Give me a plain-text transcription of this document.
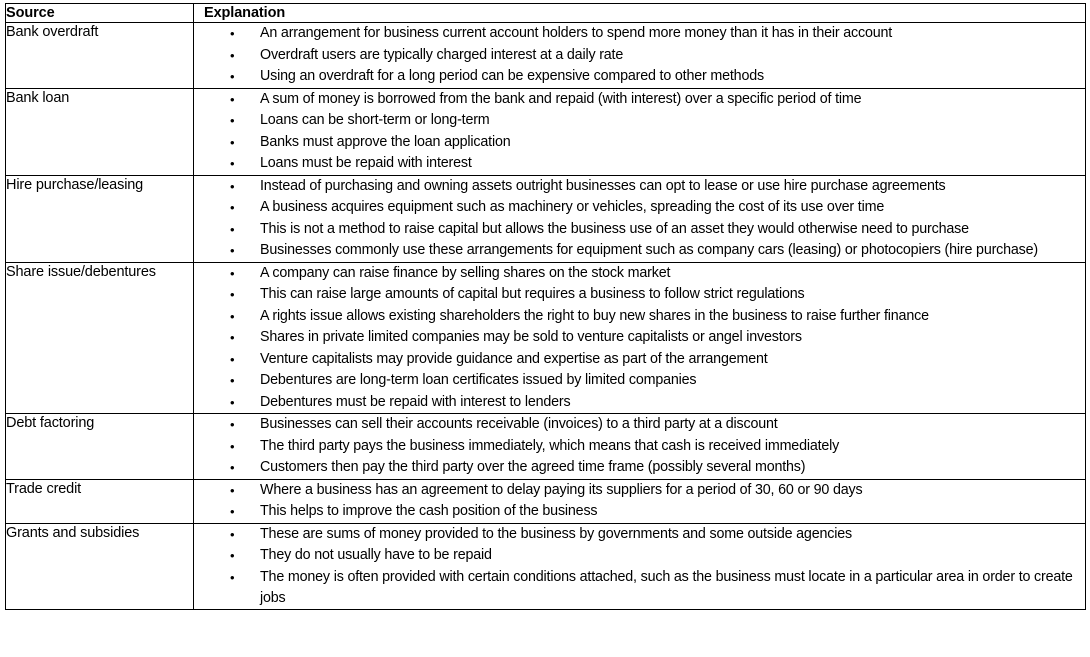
Source	Explanation
Bank overdraft	• An arrangement for business current account holders to spend more money than it has in their account
• Overdraft users are typically charged interest at a daily rate
• Using an overdraft for a long period can be expensive compared to other methods

Bank loan	• A sum of money is borrowed from the bank and repaid (with interest) over a specific period of time
• Loans can be short-term or long-term
• Banks must approve the loan application
• Loans must be repaid with interest

Hire purchase/leasing	• Instead of purchasing and owning assets outright businesses can opt to lease or use hire purchase agreements
• A business acquires equipment such as machinery or vehicles, spreading the cost of its use over time
• This is not a method to raise capital but allows the business use of an asset they would otherwise need to purchase
• Businesses commonly use these arrangements for equipment such as company cars (leasing) or photocopiers (hire purchase)

Share issue/debentures	• A company can raise finance by selling shares on the stock market
• This can raise large amounts of capital but requires a business to follow strict regulations
• A rights issue allows existing shareholders the right to buy new shares in the business to raise further finance
• Shares in private limited companies may be sold to venture capitalists or angel investors
• Venture capitalists may provide guidance and expertise as part of the arrangement
• Debentures are long-term loan certificates issued by limited companies
• Debentures must be repaid with interest to lenders

Debt factoring	• Businesses can sell their accounts receivable (invoices) to a third party at a discount
• The third party pays the business immediately, which means that cash is received immediately
• Customers then pay the third party over the agreed time frame (possibly several months)

Trade credit	• Where a business has an agreement to delay paying its suppliers for a period of 30, 60 or 90 days
• This helps to improve the cash position of the business

Grants and subsidies	• These are sums of money provided to the business by governments and some outside agencies
• They do not usually have to be repaid
• The money is often provided with certain conditions attached, such as the business must locate in a particular area in order to create jobs
